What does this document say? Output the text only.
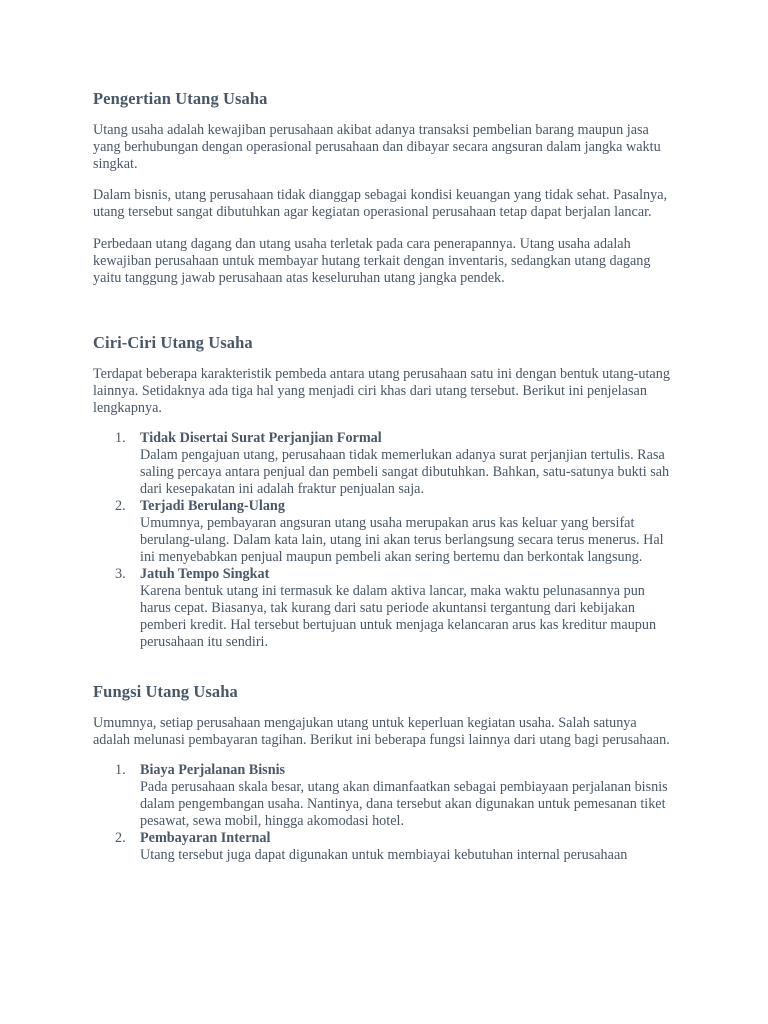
Pengertian Utang Usaha

Utang usaha adalah kewajiban perusahaan akibat adanya transaksi pembelian barang maupun jasa yang berhubungan dengan operasional perusahaan dan dibayar secara angsuran dalam jangka waktu singkat.

Dalam bisnis, utang perusahaan tidak dianggap sebagai kondisi keuangan yang tidak sehat. Pasalnya, utang tersebut sangat dibutuhkan agar kegiatan operasional perusahaan tetap dapat berjalan lancar.

Perbedaan utang dagang dan utang usaha terletak pada cara penerapannya. Utang usaha adalah kewajiban perusahaan untuk membayar hutang terkait dengan inventaris, sedangkan utang dagang yaitu tanggung jawab perusahaan atas keseluruhan utang jangka pendek.

Ciri-Ciri Utang Usaha

Terdapat beberapa karakteristik pembeda antara utang perusahaan satu ini dengan bentuk utang-utang lainnya. Setidaknya ada tiga hal yang menjadi ciri khas dari utang tersebut. Berikut ini penjelasan lengkapnya.

1. Tidak Disertai Surat Perjanjian Formal
Dalam pengajuan utang, perusahaan tidak memerlukan adanya surat perjanjian tertulis. Rasa saling percaya antara penjual dan pembeli sangat dibutuhkan. Bahkan, satu-satunya bukti sah dari kesepakatan ini adalah fraktur penjualan saja.
2. Terjadi Berulang-Ulang
Umumnya, pembayaran angsuran utang usaha merupakan arus kas keluar yang bersifat berulang-ulang. Dalam kata lain, utang ini akan terus berlangsung secara terus menerus. Hal ini menyebabkan penjual maupun pembeli akan sering bertemu dan berkontak langsung.
3. Jatuh Tempo Singkat
Karena bentuk utang ini termasuk ke dalam aktiva lancar, maka waktu pelunasannya pun harus cepat. Biasanya, tak kurang dari satu periode akuntansi tergantung dari kebijakan pemberi kredit. Hal tersebut bertujuan untuk menjaga kelancaran arus kas kreditur maupun perusahaan itu sendiri.
Fungsi Utang Usaha

Umumnya, setiap perusahaan mengajukan utang untuk keperluan kegiatan usaha. Salah satunya adalah melunasi pembayaran tagihan. Berikut ini beberapa fungsi lainnya dari utang bagi perusahaan.

1. Biaya Perjalanan Bisnis
Pada perusahaan skala besar, utang akan dimanfaatkan sebagai pembiayaan perjalanan bisnis dalam pengembangan usaha. Nantinya, dana tersebut akan digunakan untuk pemesanan tiket pesawat, sewa mobil, hingga akomodasi hotel.
2. Pembayaran Internal
Utang tersebut juga dapat digunakan untuk membiayai kebutuhan internal perusahaan
